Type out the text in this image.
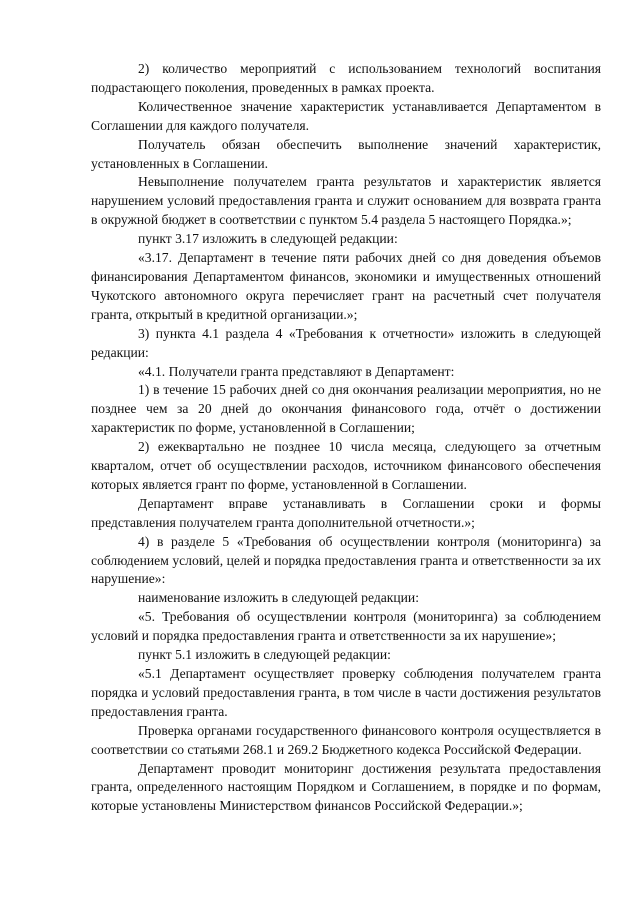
2) количество мероприятий с использованием технологий воспитания подрастающего поколения, проведенных в рамках проекта.

Количественное значение характеристик устанавливается Департаментом в Соглашении для каждого получателя.

Получатель обязан обеспечить выполнение значений характеристик, установленных в Соглашении.

Невыполнение получателем гранта результатов и характеристик является нарушением условий предоставления гранта и служит основанием для возврата гранта в окружной бюджет в соответствии с пунктом 5.4 раздела 5 настоящего Порядка.»;

пункт 3.17 изложить в следующей редакции:

«3.17. Департамент в течение пяти рабочих дней со дня доведения объемов финансирования Департаментом финансов, экономики и имущественных отношений Чукотского автономного округа перечисляет грант на расчетный счет получателя гранта, открытый в кредитной организации.»;

3) пункта 4.1 раздела 4 «Требования к отчетности» изложить в следующей редакции:

«4.1. Получатели гранта представляют в Департамент:

1) в течение 15 рабочих дней со дня окончания реализации мероприятия, но не позднее чем за 20 дней до окончания финансового года, отчёт о достижении характеристик по форме, установленной в Соглашении;

2) ежеквартально не позднее 10 числа месяца, следующего за отчетным кварталом, отчет об осуществлении расходов, источником финансового обеспечения которых является грант по форме, установленной в Соглашении.

Департамент вправе устанавливать в Соглашении сроки и формы представления получателем гранта дополнительной отчетности.»;

4) в разделе 5 «Требования об осуществлении контроля (мониторинга) за соблюдением условий, целей и порядка предоставления гранта и ответственности за их нарушение»:

наименование изложить в следующей редакции:

«5. Требования об осуществлении контроля (мониторинга) за соблюдением условий и порядка предоставления гранта и ответственности за их нарушение»;

пункт 5.1 изложить в следующей редакции:

«5.1 Департамент осуществляет проверку соблюдения получателем гранта порядка и условий предоставления гранта, в том числе в части достижения результатов предоставления гранта.

Проверка органами государственного финансового контроля осуществляется в соответствии со статьями 268.1 и 269.2 Бюджетного кодекса Российской Федерации.

Департамент проводит мониторинг достижения результата предоставления гранта, определенного настоящим Порядком и Соглашением, в порядке и по формам, которые установлены Министерством финансов Российской Федерации.»;
